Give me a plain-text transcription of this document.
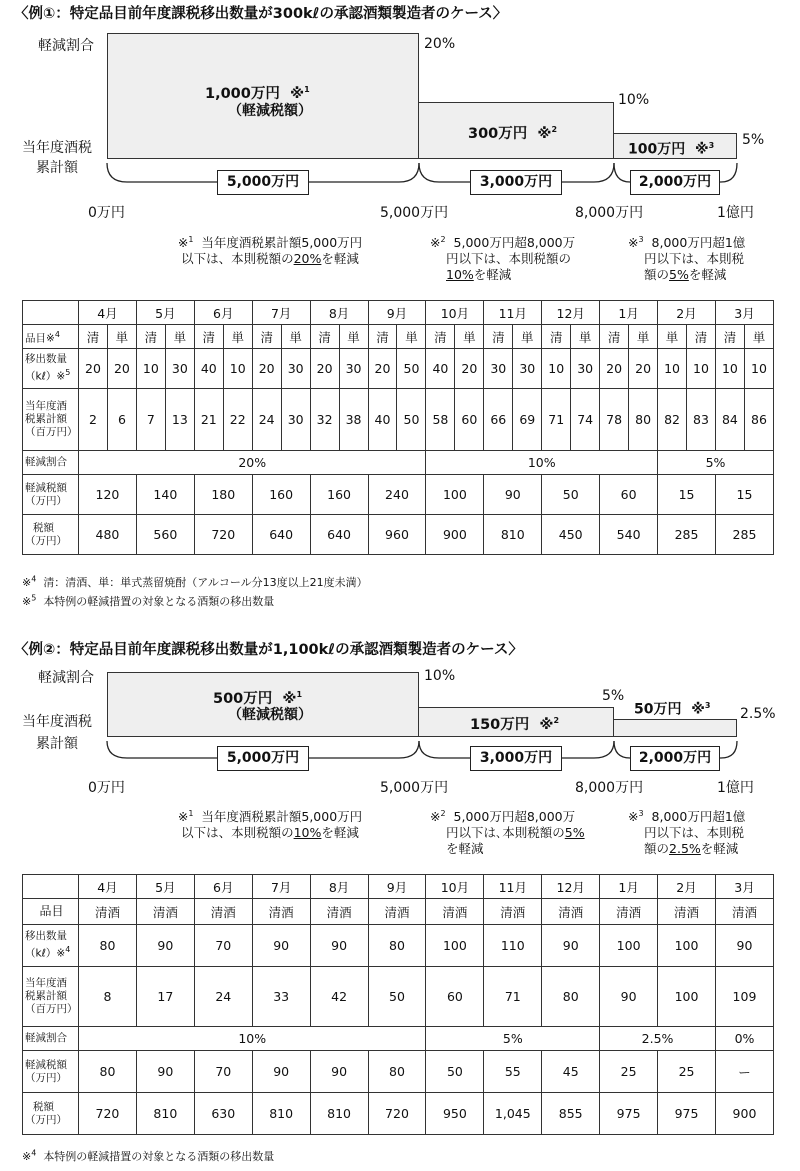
〈例①：特定品目前年度課税移出数量が300kℓの承認酒類製造者のケース〉
軽減割合
当年度酒税
累計額
1,000万円 ※$^1$
（軽減税額）
300万円 ※$^2$
100万円 ※$^3$
20%
10%
5%
5,000万円	3,000万円	2,000万円
0万円	5,000万円	8,000万円	1億円
※$^1$ 当年度酒税累計額5,000万円
以下は、本則税額の20%を軽減
※$^2$ 5,000万円超8,000万
円以下は、本則税額の
10%を軽減
※$^3$ 8,000万円超1億
円以下は、本則税
額の5%を軽減
	4月		5月		6月		7月		8月		9月		10月		11月		12月		1月		2月		3月	
品目※$^4$	清	単	清	単	清	単	清	単	清	単	清	単	清	単	清	単	清	単	清	単	単	清	清	単

移出数量
（kℓ）※$^5$	20	20	10	30	40	10	20	30	20	30	20	50	40	20	30	30	10	30	20	20	10	10	10	10

当年度酒
税累計額
（百万円）	2	6	7	13	21	22	24	30	32	38	40	50	58	60	66	69	71	74	78	80	82	83	84	86
軽減割合	20%												10%								5%			

軽減税額
（万円）	120		140		180		160		160		240		100		90		50		60		15		15	

税額
（万円）	480		560		720		640		640		960		900		810		450		540		285		285	
※$^4$ 清：清酒、単：単式蒸留焼酎（アルコール分13度以上21度未満）
※$^5$ 本特例の軽減措置の対象となる酒類の移出数量
〈例②：特定品目前年度課税移出数量が1,100kℓの承認酒類製造者のケース〉
軽減割合
当年度酒税
累計額
500万円 ※$^1$
（軽減税額）
150万円 ※$^2$
50万円 ※$^3$
10%
5%
2.5%
5,000万円	3,000万円	2,000万円
0万円	5,000万円	8,000万円	1億円
※$^1$ 当年度酒税累計額5,000万円
以下は、本則税額の10%を軽減
※$^2$ 5,000万円超8,000万
円以下は､本則税額の5%
を軽減
※$^3$ 8,000万円超1億
円以下は、本則税
額の2.5%を軽減
	4月	5月	6月	7月	8月	9月	10月	11月	12月	1月	2月	3月
品目	清酒	清酒	清酒	清酒	清酒	清酒	清酒	清酒	清酒	清酒	清酒	清酒

移出数量
（kℓ）※$^4$	80	90	70	90	90	80	100	110	90	100	100	90

当年度酒
税累計額
（百万円）	8	17	24	33	42	50	60	71	80	90	100	109
軽減割合	10%						5%			2.5%		0%

軽減税額
（万円）	80	90	70	90	90	80	50	55	45	25	25	ー

税額
（万円）	720	810	630	810	810	720	950	1,045	855	975	975	900
※$^4$ 本特例の軽減措置の対象となる酒類の移出数量
